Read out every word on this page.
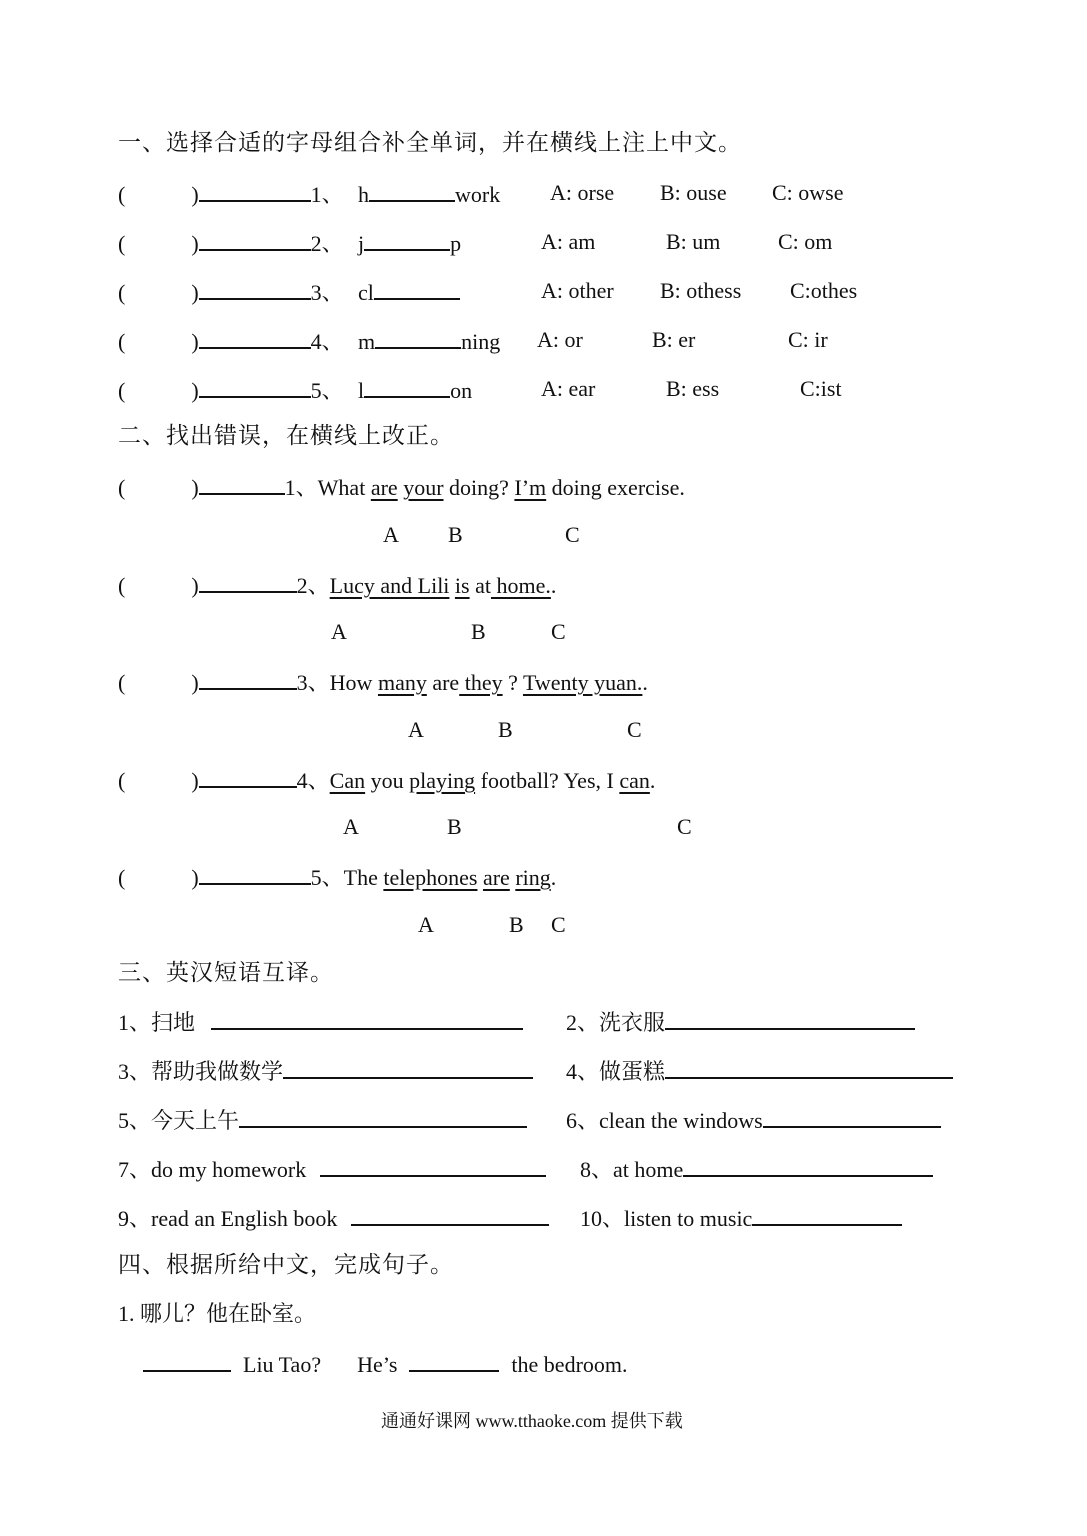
一、选择合适的字母组合补全单词，并在横线上注上中文。
(	)	1、 h	work A: orse B: ouse C: owse
(	)	2、 j	p	A: am	B: um	C: om
(	)	3、 cl	A: other B: othess C:othes
(	)	4、 m	ning A: or	B: er	C: ir
(	)	5、 l	on	A: ear	B: ess	C:ist
二、找出错误，在横线上改正。
(	)	1、What are your doing? I’m doing exercise.
A B	C
(	)	2、Lucy and Lili is at home..
A	B	C
(	)	3、How many are they ? Twenty yuan..
A	B	C
(	)	4、Can you playing football? Yes, I can.
A	B	C
(	)	5、The telephones are ring.
A	B C
三、英汉短语互译。
1、扫地	2、洗衣服
3、帮助我做数学	4、做蛋糕
5、今天上午	6、clean the windows
7、do my homework	8、at home
9、read an English book	10、listen to music
四、根据所给中文，完成句子。
1. 哪儿？他在卧室。
Liu Tao? He’s	the bedroom.
通通好课网 www.tthaoke.com 提供下载
